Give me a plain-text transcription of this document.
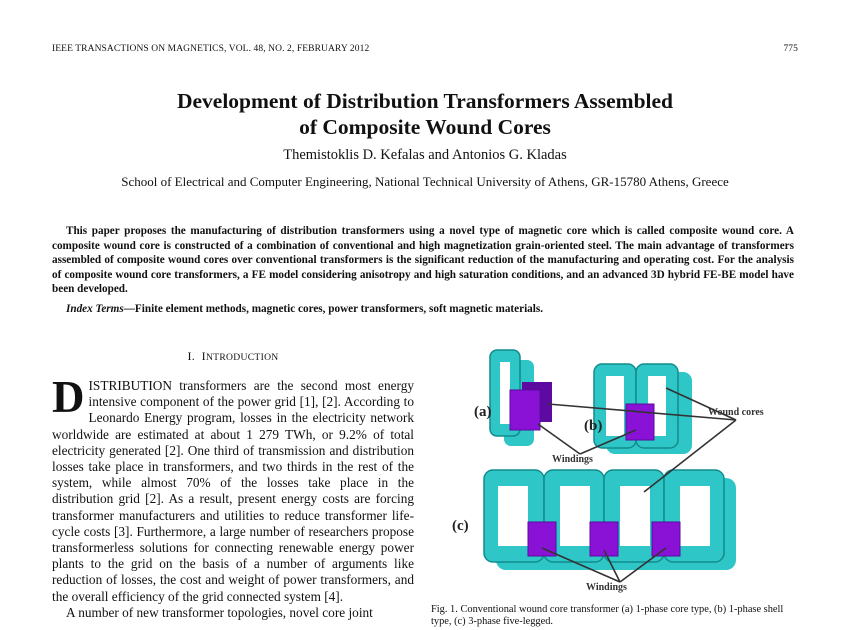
IEEE TRANSACTIONS ON MAGNETICS, VOL. 48, NO. 2, FEBRUARY 2012	775
Development of Distribution Transformers Assembled
of Composite Wound Cores
Themistoklis D. Kefalas and Antonios G. Kladas
School of Electrical and Computer Engineering, National Technical University of Athens, GR-15780 Athens, Greece
This paper proposes the manufacturing of distribution transformers using a novel type of magnetic core which is called composite wound core. A composite wound core is constructed of a combination of conventional and high magnetization grain-oriented steel. The main advantage of transformers assembled of composite wound cores over conventional transformers is the significant reduction of the manufacturing and operating cost. For the analysis of composite wound core transformers, a FE model considering anisotropy and high saturation conditions, and an advanced 3D hybrid FE-BE model have been developed.
Index Terms—Finite element methods, magnetic cores, power transformers, soft magnetic materials.
I. INTRODUCTION

DISTRIBUTION transformers are the second most energy intensive component of the power grid [1], [2]. According to Leonardo Energy program, losses in the electricity network worldwide are estimated at about 1 279 TWh, or 9.2% of total electricity generated [2]. One third of transmission and distribution losses take place in transformers, and two thirds in the rest of the system, while almost 70% of the losses take place in the distribution grid [2]. As a result, present energy costs are forcing transformer manufacturers and utilities to reduce transformer life-cycle costs [3]. Furthermore, a large number of researchers propose transformerless solutions for connecting renewable energy power plants to the grid on the basis of a number of arguments like reduction of losses, the cost and weight of power transformers, and the overall efficiency of the grid connected system [4].

A number of new transformer topologies, novel core joint

(a)
(b)
Wound cores
Windings
(c)
Windings
Fig. 1. Conventional wound core transformer (a) 1-phase core type, (b) 1-phase shell type, (c) 3-phase five-legged.
